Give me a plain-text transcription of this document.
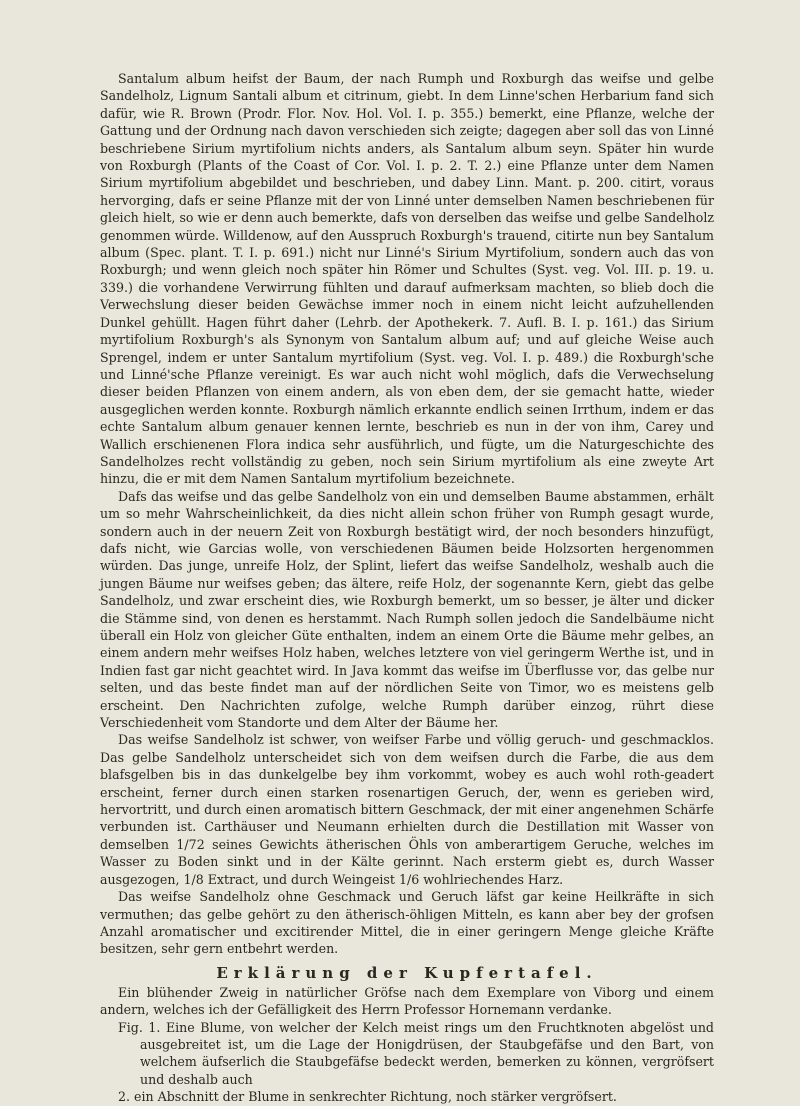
Santalum album heifst der Baum, der nach Rumph und Roxburgh das weifse und gelbe Sandelholz, Lignum Santali album et citrinum, giebt. In dem Linne'schen Herbarium fand sich dafür, wie R. Brown (Prodr. Flor. Nov. Hol. Vol. I. p. 355.) bemerkt, eine Pflanze, welche der Gattung und der Ordnung nach davon verschieden sich zeigte; dagegen aber soll das von Linné beschriebene Sirium myrtifolium nichts anders, als Santalum album seyn. Später hin wurde von Roxburgh (Plants of the Coast of Cor. Vol. I. p. 2. T. 2.) eine Pflanze unter dem Namen Sirium myrtifolium abgebildet und beschrieben, und dabey Linn. Mant. p. 200. citirt, voraus hervorging, dafs er seine Pflanze mit der von Linné unter demselben Namen beschriebenen für gleich hielt, so wie er denn auch bemerkte, dafs von derselben das weifse und gelbe Sandelholz genommen würde. Willdenow, auf den Ausspruch Roxburgh's trauend, citirte nun bey Santalum album (Spec. plant. T. I. p. 691.) nicht nur Linné's Sirium Myrtifolium, sondern auch das von Roxburgh; und wenn gleich noch später hin Römer und Schultes (Syst. veg. Vol. III. p. 19. u. 339.) die vorhandene Verwirrung fühlten und darauf aufmerksam machten, so blieb doch die Verwechslung dieser beiden Gewächse immer noch in einem nicht leicht aufzuhellenden Dunkel gehüllt. Hagen führt daher (Lehrb. der Apothekerk. 7. Aufl. B. I. p. 161.) das Sirium myrtifolium Roxburgh's als Synonym von Santalum album auf; und auf gleiche Weise auch Sprengel, indem er unter Santalum myrtifolium (Syst. veg. Vol. I. p. 489.) die Roxburgh'sche und Linné'sche Pflanze vereinigt. Es war auch nicht wohl möglich, dafs die Verwechselung dieser beiden Pflanzen von einem andern, als von eben dem, der sie gemacht hatte, wieder ausgeglichen werden konnte. Roxburgh nämlich erkannte endlich seinen Irrthum, indem er das echte Santalum album genauer kennen lernte, beschrieb es nun in der von ihm, Carey und Wallich erschienenen Flora indica sehr ausführlich, und fügte, um die Naturgeschichte des Sandelholzes recht vollständig zu geben, noch sein Sirium myrtifolium als eine zweyte Art hinzu, die er mit dem Namen Santalum myrtifolium bezeichnete.

Dafs das weifse und das gelbe Sandelholz von ein und demselben Baume abstammen, erhält um so mehr Wahrscheinlichkeit, da dies nicht allein schon früher von Rumph gesagt wurde, sondern auch in der neuern Zeit von Roxburgh bestätigt wird, der noch besonders hinzufügt, dafs nicht, wie Garcias wolle, von verschiedenen Bäumen beide Holzsorten hergenommen würden. Das junge, unreife Holz, der Splint, liefert das weifse Sandelholz, weshalb auch die jungen Bäume nur weifses geben; das ältere, reife Holz, der sogenannte Kern, giebt das gelbe Sandelholz, und zwar erscheint dies, wie Roxburgh bemerkt, um so besser, je älter und dicker die Stämme sind, von denen es herstammt. Nach Rumph sollen jedoch die Sandelbäume nicht überall ein Holz von gleicher Güte enthalten, indem an einem Orte die Bäume mehr gelbes, an einem andern mehr weifses Holz haben, welches letztere von viel geringerm Werthe ist, und in Indien fast gar nicht geachtet wird. In Java kommt das weifse im Überflusse vor, das gelbe nur selten, und das beste findet man auf der nördlichen Seite von Timor, wo es meistens gelb erscheint. Den Nachrichten zufolge, welche Rumph darüber einzog, rührt diese Verschiedenheit vom Standorte und dem Alter der Bäume her.

Das weifse Sandelholz ist schwer, von weifser Farbe und völlig geruch- und geschmacklos. Das gelbe Sandelholz unterscheidet sich von dem weifsen durch die Farbe, die aus dem blafsgelben bis in das dunkelgelbe bey ihm vorkommt, wobey es auch wohl roth-geadert erscheint, ferner durch einen starken rosenartigen Geruch, der, wenn es gerieben wird, hervortritt, und durch einen aromatisch bittern Geschmack, der mit einer angenehmen Schärfe verbunden ist. Carthäuser und Neumann erhielten durch die Destillation mit Wasser von demselben 1/72 seines Gewichts ätherischen Öhls von amberartigem Geruche, welches im Wasser zu Boden sinkt und in der Kälte gerinnt. Nach ersterm giebt es, durch Wasser ausgezogen, 1/8 Extract, und durch Weingeist 1/6 wohlriechendes Harz.

Das weifse Sandelholz ohne Geschmack und Geruch läfst gar keine Heilkräfte in sich vermuthen; das gelbe gehört zu den ätherisch-öhligen Mitteln, es kann aber bey der grofsen Anzahl aromatischer und excitirender Mittel, die in einer geringern Menge gleiche Kräfte besitzen, sehr gern entbehrt werden.

Erklärung der Kupfertafel.

Ein blühender Zweig in natürlicher Gröfse nach dem Exemplare von Viborg und einem andern, welches ich der Gefälligkeit des Herrn Professor Hornemann verdanke.

Fig. 1. Eine Blume, von welcher der Kelch meist rings um den Fruchtknoten abgelöst und ausgebreitet ist, um die Lage der Honigdrüsen, der Staubgefäfse und den Bart, von welchem äufserlich die Staubgefäfse bedeckt werden, bemerken zu können, vergröfsert und deshalb auch

2. ein Abschnitt der Blume in senkrechter Richtung, noch stärker vergröfsert.
